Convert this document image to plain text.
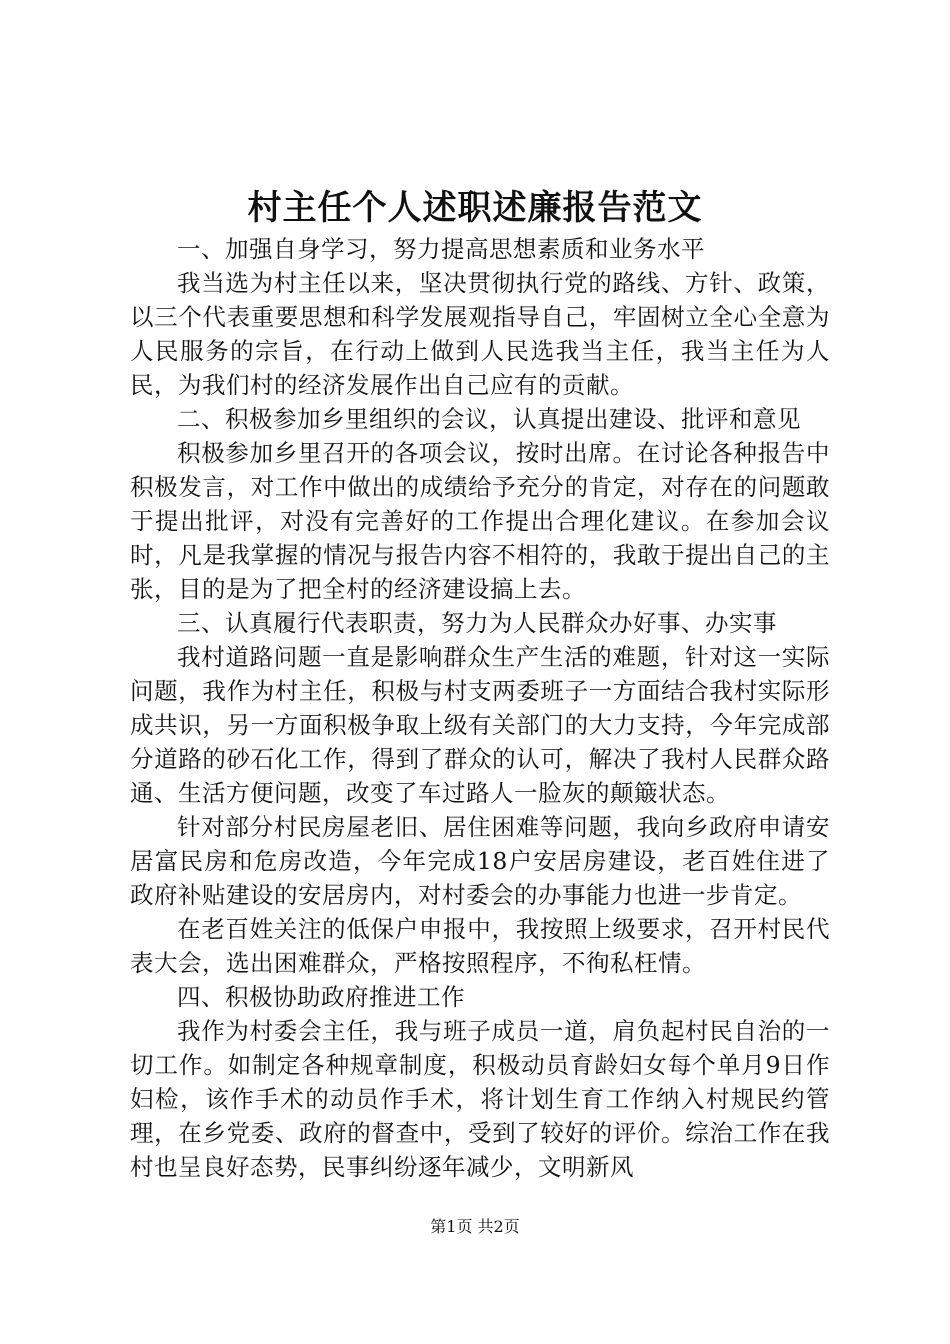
村主任个人述职述廉报告范文

一、加强自身学习，努力提高思想素质和业务水平

我当选为村主任以来，坚决贯彻执行党的路线、方针、政策，以三个代表重要思想和科学发展观指导自己，牢固树立全心全意为人民服务的宗旨，在行动上做到人民选我当主任，我当主任为人民，为我们村的经济发展作出自己应有的贡献。

二、积极参加乡里组织的会议，认真提出建设、批评和意见

积极参加乡里召开的各项会议，按时出席。在讨论各种报告中积极发言，对工作中做出的成绩给予充分的肯定，对存在的问题敢于提出批评，对没有完善好的工作提出合理化建议。在参加会议时，凡是我掌握的情况与报告内容不相符的，我敢于提出自己的主张，目的是为了把全村的经济建设搞上去。

三、认真履行代表职责，努力为人民群众办好事、办实事

我村道路问题一直是影响群众生产生活的难题，针对这一实际问题，我作为村主任，积极与村支两委班子一方面结合我村实际形成共识，另一方面积极争取上级有关部门的大力支持，今年完成部分道路的砂石化工作，得到了群众的认可，解决了我村人民群众路通、生活方便问题，改变了车过路人一脸灰的颠簸状态。

针对部分村民房屋老旧、居住困难等问题，我向乡政府申请安居富民房和危房改造，今年完成18户安居房建设，老百姓住进了政府补贴建设的安居房内，对村委会的办事能力也进一步肯定。

在老百姓关注的低保户申报中，我按照上级要求，召开村民代表大会，选出困难群众，严格按照程序，不徇私枉情。

四、积极协助政府推进工作

我作为村委会主任，我与班子成员一道，肩负起村民自治的一切工作。如制定各种规章制度，积极动员育龄妇女每个单月9日作妇检，该作手术的动员作手术，将计划生育工作纳入村规民约管理，在乡党委、政府的督查中，受到了较好的评价。综治工作在我村也呈良好态势，民事纠纷逐年减少，文明新风

第1页 共2页
